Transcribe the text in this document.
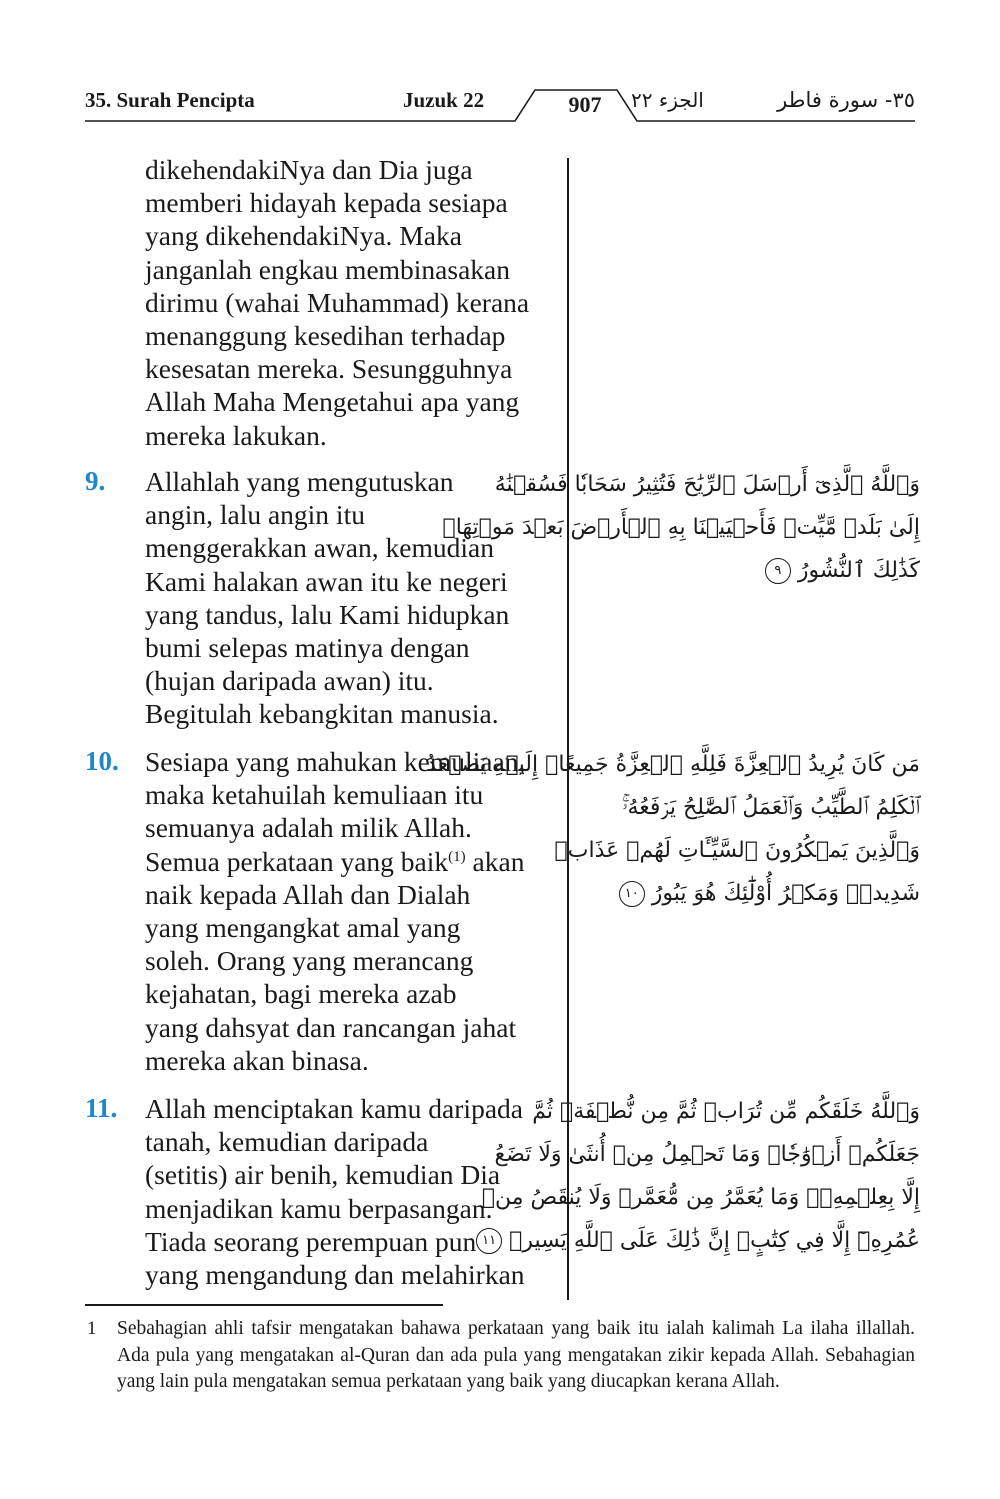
35. Surah Pencipta	Juzuk 22	907	الجزء ٢٢	٣٥- سورة فاطر
dikehendakiNya dan Dia juga
memberi hidayah kepada sesiapa
yang dikehendakiNya. Maka
janganlah engkau membinasakan
dirimu (wahai Muhammad) kerana
menanggung kesedihan terhadap
kesesatan mereka. Sesungguhnya
Allah Maha Mengetahui apa yang
mereka lakukan.
9. Allahlah yang mengutuskan
angin, lalu angin itu
menggerakkan awan, kemudian
Kami halakan awan itu ke negeri
yang tandus, lalu Kami hidupkan
bumi selepas matinya dengan
(hujan daripada awan) itu.
Begitulah kebangkitan manusia.
وَٱللَّهُ ٱلَّذِىٓ أَرۡسَلَ ٱلرِّيَٰحَ فَتُثِيرُ سَحَابٗا فَسُقۡنَٰهُ
إِلَىٰ بَلَدٖ مَّيِّتٖ فَأَحۡيَيۡنَا بِهِ ٱلۡأَرۡضَ بَعۡدَ مَوۡتِهَاۚ
كَذَٰلِكَ ٱلنُّشُورُ ٩
10. Sesiapa yang mahukan kemuliaan,
maka ketahuilah kemuliaan itu
semuanya adalah milik Allah.
Semua perkataan yang baik$^{(1)}$ akan
naik kepada Allah dan Dialah
yang mengangkat amal yang
soleh. Orang yang merancang
kejahatan, bagi mereka azab
yang dahsyat dan rancangan jahat
mereka akan binasa.
مَن كَانَ يُرِيدُ ٱلۡعِزَّةَ فَلِلَّهِ ٱلۡعِزَّةُ جَمِيعًاۚ إِلَيۡهِ يَصۡعَدُ
ٱلۡكَلِمُ ٱلطَّيِّبُ وَٱلۡعَمَلُ ٱلصَّٰلِحُ يَرۡفَعُهُۥۚ
وَٱلَّذِينَ يَمۡكُرُونَ ٱلسَّيِّـَٔاتِ لَهُمۡ عَذَابٞ
شَدِيدٞۖ وَمَكۡرُ أُوْلَٰٓئِكَ هُوَ يَبُورُ ١٠
11. Allah menciptakan kamu daripada
tanah, kemudian daripada
(setitis) air benih, kemudian Dia
menjadikan kamu berpasangan.
Tiada seorang perempuan pun
yang mengandung dan melahirkan
وَٱللَّهُ خَلَقَكُم مِّن تُرَابٖ ثُمَّ مِن نُّطۡفَةٖ ثُمَّ
جَعَلَكُمۡ أَزۡوَٰجٗاۚ وَمَا تَحۡمِلُ مِنۡ أُنثَىٰ وَلَا تَضَعُ
إِلَّا بِعِلۡمِهِۦۚ وَمَا يُعَمَّرُ مِن مُّعَمَّرٖ وَلَا يُنقَصُ مِنۡ
عُمُرِهِۦٓ إِلَّا فِي كِتَٰبٍۚ إِنَّ ذَٰلِكَ عَلَى ٱللَّهِ يَسِيرٞ ١١
1 Sebahagian ahli tafsir mengatakan bahawa perkataan yang baik itu ialah kalimah La ilaha illallah. Ada pula yang mengatakan al-Quran dan ada pula yang mengatakan zikir kepada Allah. Sebahagian yang lain pula mengatakan semua perkataan yang baik yang diucapkan kerana Allah.
